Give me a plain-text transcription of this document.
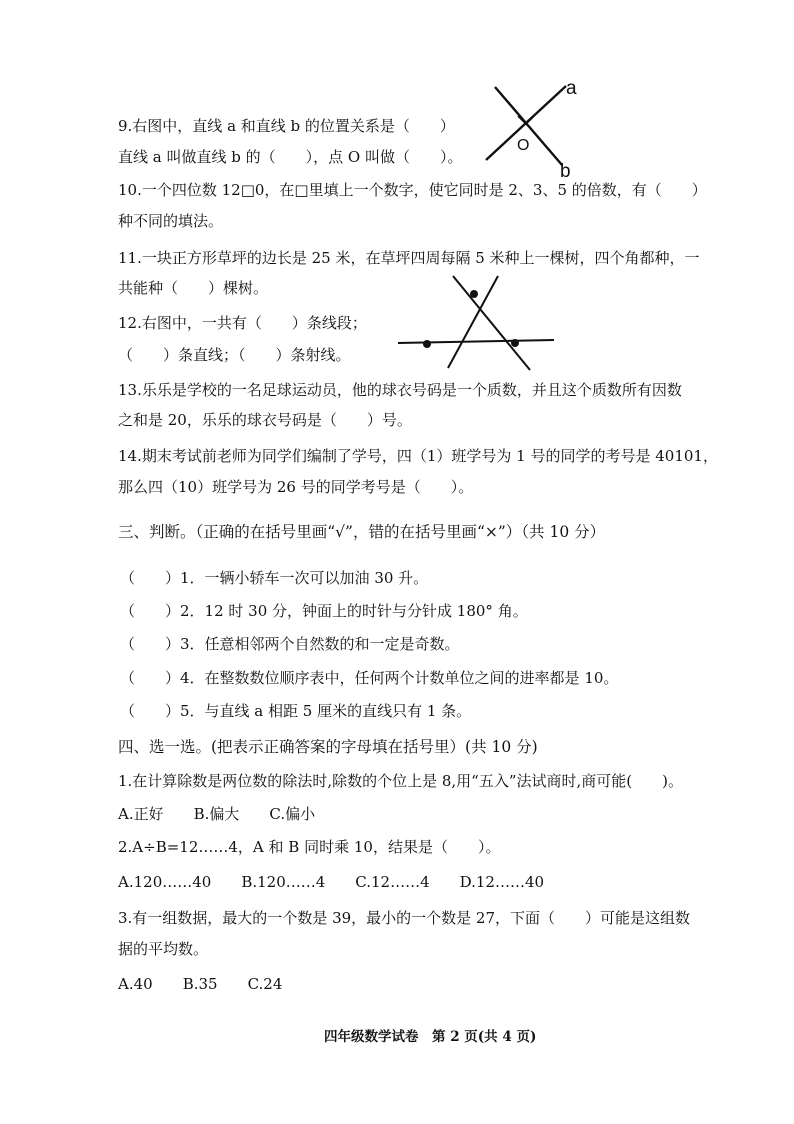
9.右图中，直线 a 和直线 b 的位置关系是（　　）
直线 a 叫做直线 b 的（　　），点 O 叫做（　　）。
a
b
O
10.一个四位数 12□0，在□里填上一个数字，使它同时是 2、3、5 的倍数，有（　　）
种不同的填法。
11.一块正方形草坪的边长是 25 米，在草坪四周每隔 5 米种上一棵树，四个角都种，一
共能种（　　）棵树。
12.右图中，一共有（　　）条线段；
（　　）条直线；（　　）条射线。
13.乐乐是学校的一名足球运动员，他的球衣号码是一个质数，并且这个质数所有因数
之和是 20，乐乐的球衣号码是（　　）号。
14.期末考试前老师为同学们编制了学号，四（1）班学号为 1 号的同学的考号是 40101，
那么四（10）班学号为 26 号的同学考号是（　　）。
三、判断。（正确的在括号里画“√”，错的在括号里画“×”）（共 10 分）
（　　）1．一辆小轿车一次可以加油 30 升。
（　　）2．12 时 30 分，钟面上的时针与分针成 180° 角。
（　　）3．任意相邻两个自然数的和一定是奇数。
（　　）4．在整数数位顺序表中，任何两个计数单位之间的进率都是 10。
（　　）5．与直线 a 相距 5 厘米的直线只有 1 条。
四、选一选。(把表示正确答案的字母填在括号里）(共 10 分)
1.在计算除数是两位数的除法时,除数的个位上是 8,用“五入”法试商时,商可能(　　)。
A.正好　　B.偏大　　C.偏小
2.A÷B=12……4，A 和 B 同时乘 10，结果是（　　）。
A.120……40　　B.120……4　　C.12……4　　D.12……40
3.有一组数据，最大的一个数是 39，最小的一个数是 27，下面（　　）可能是这组数
据的平均数。
A.40　　B.35　　C.24
四年级数学试卷　第 2 页(共 4 页)
